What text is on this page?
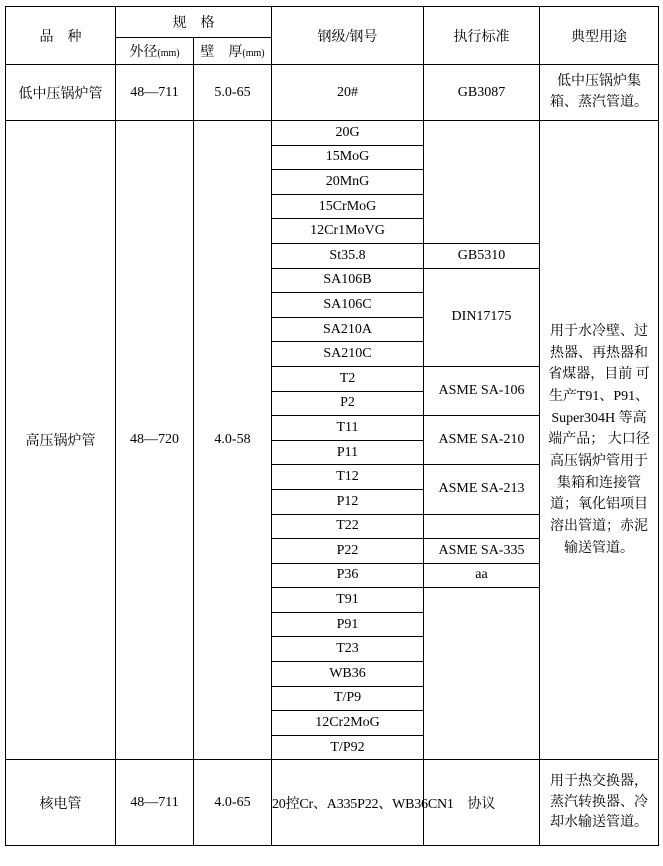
品　种	规　格		钢级/钢号	执行标准	典型用途
	外径(mm)	壁　厚(mm)			
低中压锅炉管	48—711	5.0-65	20#	GB3087	低中压锅炉集箱、蒸汽管道。

高压锅炉管	48—720	4.0-58	20G		用于水冷壁、过热器、再热器和省煤器，目前 可生产T91、P91、Super304H 等高端产品； 大口径高压锅炉管用于集箱和连接管道；氧化铝项目溶出管道；赤泥输送管道。

			15MoG		
			20MnG		
			15CrMoG		
			12Cr1MoVG		
			St35.8	GB5310	
			SA106B	DIN17175	
			SA106C		
			SA210A		
			SA210C		
			T2	ASME SA-106	
			P2		
			T11	ASME SA-210	
			P11		
			T12	ASME SA-213	
			P12		
			T22		
			P22	ASME SA-335	
			P36	aa	
			T91		
			P91		
			T23		
			WB36		
			T/P9		
			12Cr2MoG		
			T/P92		
核电管	48—711	4.0-65	20控Cr、A335P22、WB36CN1	协议	用于热交换器，蒸汽转换器、冷却水输送管道。
